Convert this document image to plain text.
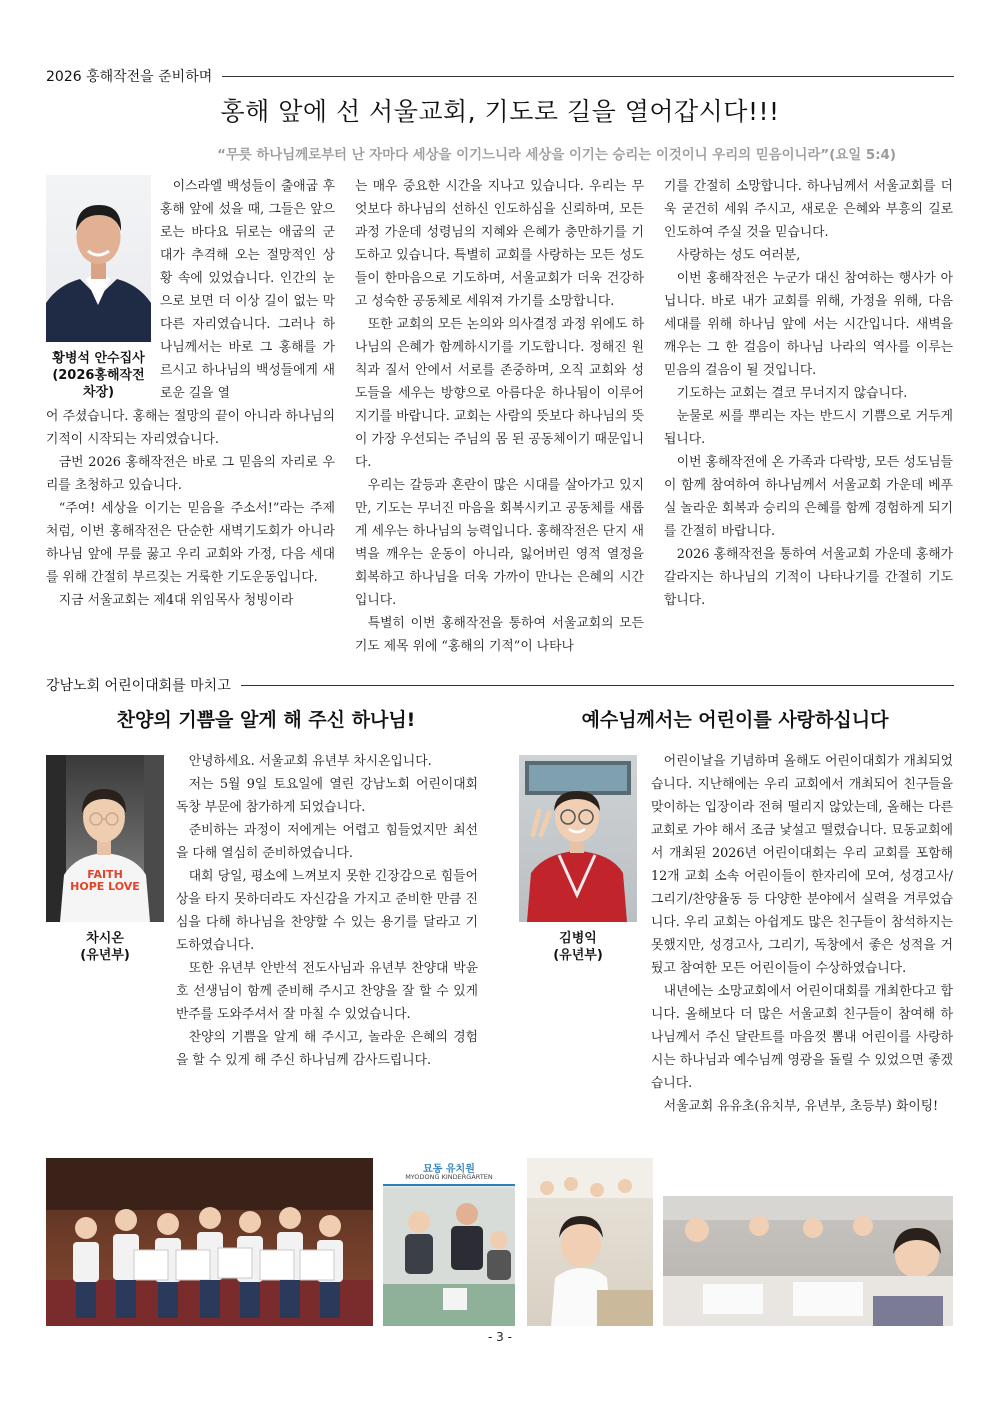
2026 홍해작전을 준비하며
홍해 앞에 선 서울교회, 기도로 길을 열어갑시다!!!
“무릇 하나님께로부터 난 자마다 세상을 이기느니라 세상을 이기는 승리는 이것이니 우리의 믿음이니라”(요일 5:4)
황병석 안수집사
(2026홍해작전
차장)

이스라엘 백성들이 출애굽 후 홍해 앞에 섰을 때, 그들은 앞으로는 바다요 뒤로는 애굽의 군대가 추격해 오는 절망적인 상황 속에 있었습니다. 인간의 눈으로 보면 더 이상 길이 없는 막다른 자리였습니다. 그러나 하나님께서는 바로 그 홍해를 가르시고 하나님의 백성들에게 새로운 길을 열

어 주셨습니다. 홍해는 절망의 끝이 아니라 하나님의 기적이 시작되는 자리였습니다.

금번 2026 홍해작전은 바로 그 믿음의 자리로 우리를 초청하고 있습니다.

“주여! 세상을 이기는 믿음을 주소서!”라는 주제처럼, 이번 홍해작전은 단순한 새벽기도회가 아니라 하나님 앞에 무릎 꿇고 우리 교회와 가정, 다음 세대를 위해 간절히 부르짖는 거룩한 기도운동입니다.

지금 서울교회는 제4대 위임목사 청빙이라

는 매우 중요한 시간을 지나고 있습니다. 우리는 무엇보다 하나님의 선하신 인도하심을 신뢰하며, 모든 과정 가운데 성령님의 지혜와 은혜가 충만하기를 기도하고 있습니다. 특별히 교회를 사랑하는 모든 성도들이 한마음으로 기도하며, 서울교회가 더욱 건강하고 성숙한 공동체로 세워져 가기를 소망합니다.

또한 교회의 모든 논의와 의사결정 과정 위에도 하나님의 은혜가 함께하시기를 기도합니다. 정해진 원칙과 질서 안에서 서로를 존중하며, 오직 교회와 성도들을 세우는 방향으로 아름다운 하나됨이 이루어지기를 바랍니다. 교회는 사람의 뜻보다 하나님의 뜻이 가장 우선되는 주님의 몸 된 공동체이기 때문입니다.

우리는 갈등과 혼란이 많은 시대를 살아가고 있지만, 기도는 무너진 마음을 회복시키고 공동체를 새롭게 세우는 하나님의 능력입니다. 홍해작전은 단지 새벽을 깨우는 운동이 아니라, 잃어버린 영적 열정을 회복하고 하나님을 더욱 가까이 만나는 은혜의 시간입니다.

특별히 이번 홍해작전을 통하여 서울교회의 모든 기도 제목 위에 “홍해의 기적”이 나타나

기를 간절히 소망합니다. 하나님께서 서울교회를 더욱 굳건히 세워 주시고, 새로운 은혜와 부흥의 길로 인도하여 주실 것을 믿습니다.

사랑하는 성도 여러분,

이번 홍해작전은 누군가 대신 참여하는 행사가 아닙니다. 바로 내가 교회를 위해, 가정을 위해, 다음 세대를 위해 하나님 앞에 서는 시간입니다. 새벽을 깨우는 그 한 걸음이 하나님 나라의 역사를 이루는 믿음의 걸음이 될 것입니다.

기도하는 교회는 결코 무너지지 않습니다.

눈물로 씨를 뿌리는 자는 반드시 기쁨으로 거두게 됩니다.

이번 홍해작전에 온 가족과 다락방, 모든 성도님들이 함께 참여하여 하나님께서 서울교회 가운데 베푸실 놀라운 회복과 승리의 은혜를 함께 경험하게 되기를 간절히 바랍니다.

2026 홍해작전을 통하여 서울교회 가운데 홍해가 갈라지는 하나님의 기적이 나타나기를 간절히 기도합니다.

강남노회 어린이대회를 마치고
찬양의 기쁨을 알게 해 주신 하나님!	예수님께서는 어린이를 사랑하십니다
FAITH HOPE LOVE
차시온
(유년부)

안녕하세요. 서울교회 유년부 차시온입니다.

저는 5월 9일 토요일에 열린 강남노회 어린이대회 독창 부문에 참가하게 되었습니다.

준비하는 과정이 저에게는 어렵고 힘들었지만 최선을 다해 열심히 준비하였습니다.

대회 당일, 평소에 느껴보지 못한 긴장감으로 힘들어 상을 타지 못하더라도 자신감을 가지고 준비한 만큼 진심을 다해 하나님을 찬양할 수 있는 용기를 달라고 기도하였습니다.

또한 유년부 안반석 전도사님과 유년부 찬양대 박윤호 선생님이 함께 준비해 주시고 찬양을 잘 할 수 있게 반주를 도와주셔서 잘 마칠 수 있었습니다.

찬양의 기쁨을 알게 해 주시고, 놀라운 은혜의 경험을 할 수 있게 해 주신 하나님께 감사드립니다.

김병익
(유년부)

어린이날을 기념하며 올해도 어린이대회가 개최되었습니다. 지난해에는 우리 교회에서 개최되어 친구들을 맞이하는 입장이라 전혀 떨리지 않았는데, 올해는 다른 교회로 가야 해서 조금 낯설고 떨렸습니다. 묘동교회에서 개최된 2026년 어린이대회는 우리 교회를 포함해 12개 교회 소속 어린이들이 한자리에 모여, 성경고사/그리기/찬양율동 등 다양한 분야에서 실력을 겨루었습니다. 우리 교회는 아쉽게도 많은 친구들이 참석하지는 못했지만, 성경고사, 그리기, 독창에서 좋은 성적을 거뒀고 참여한 모든 어린이들이 수상하였습니다.

내년에는 소망교회에서 어린이대회를 개최한다고 합니다. 올해보다 더 많은 서울교회 친구들이 참여해 하나님께서 주신 달란트를 마음껏 뽐내 어린이를 사랑하시는 하나님과 예수님께 영광을 돌릴 수 있었으면 좋겠습니다.

서울교회 유유초(유치부, 유년부, 초등부) 화이팅!

묘동 유치원
MYODONG KINDERGARTEN
- 3 -
